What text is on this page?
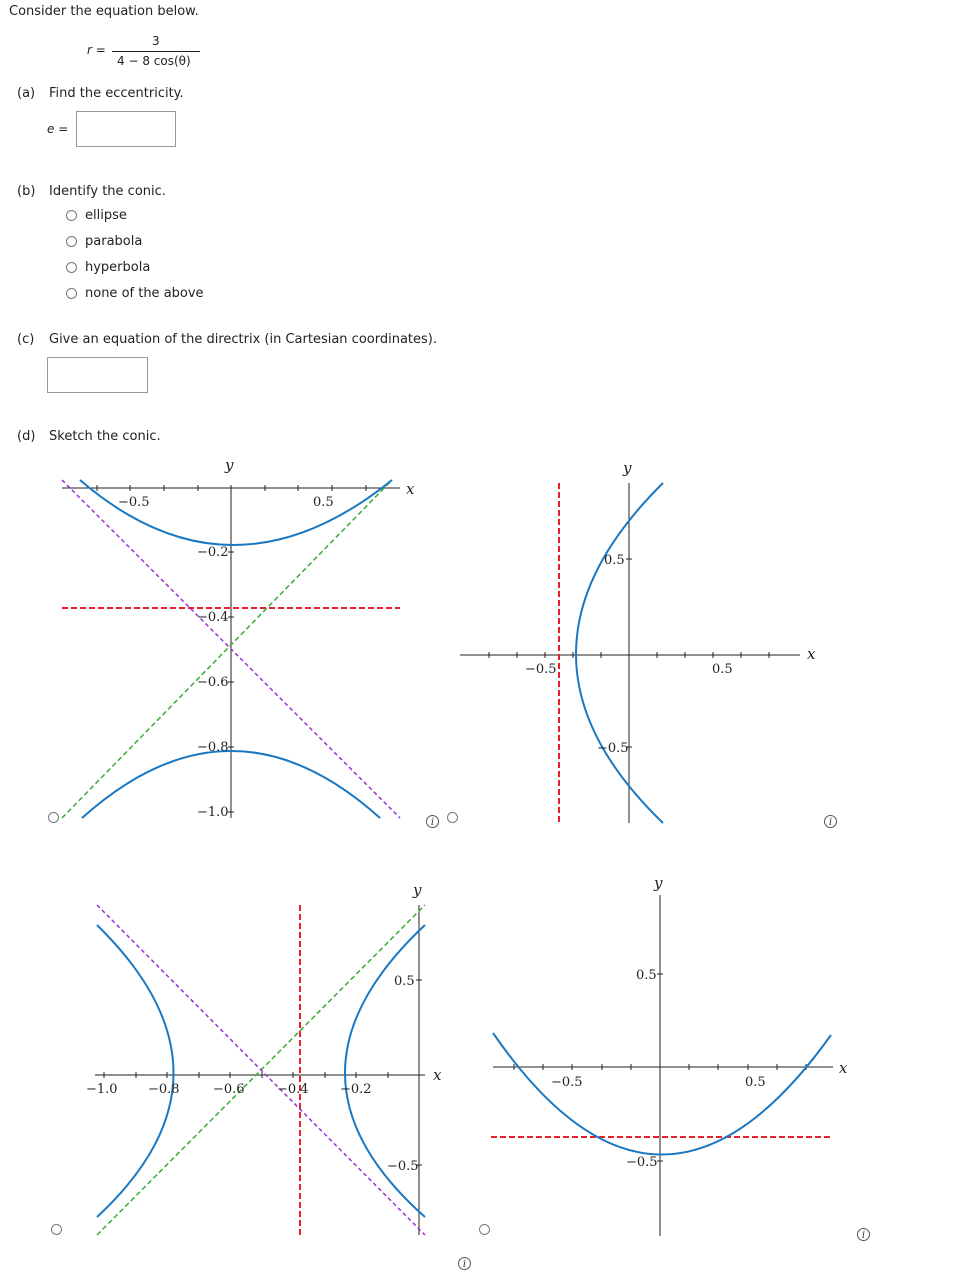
Consider the equation below.
r =
3
4 − 8 cos(θ)
(a) Find the eccentricity.
e =
(b) Identify the conic.
ellipse
parabola
hyperbola
none of the above
(c) Give an equation of the directrix (in Cartesian coordinates).
(d) Sketch the conic.
−0.5	0.5
−0.2
−0.4
−0.6
−0.8
−1.0
x
y
i
−0.5	0.5
0.5
−0.5
x
y
i
−1.0 −0.8	−0.6 −0.4 −0.2
0.5
−0.5
x
y
i
−0.5	0.5
0.5
−0.5
x
y
i
